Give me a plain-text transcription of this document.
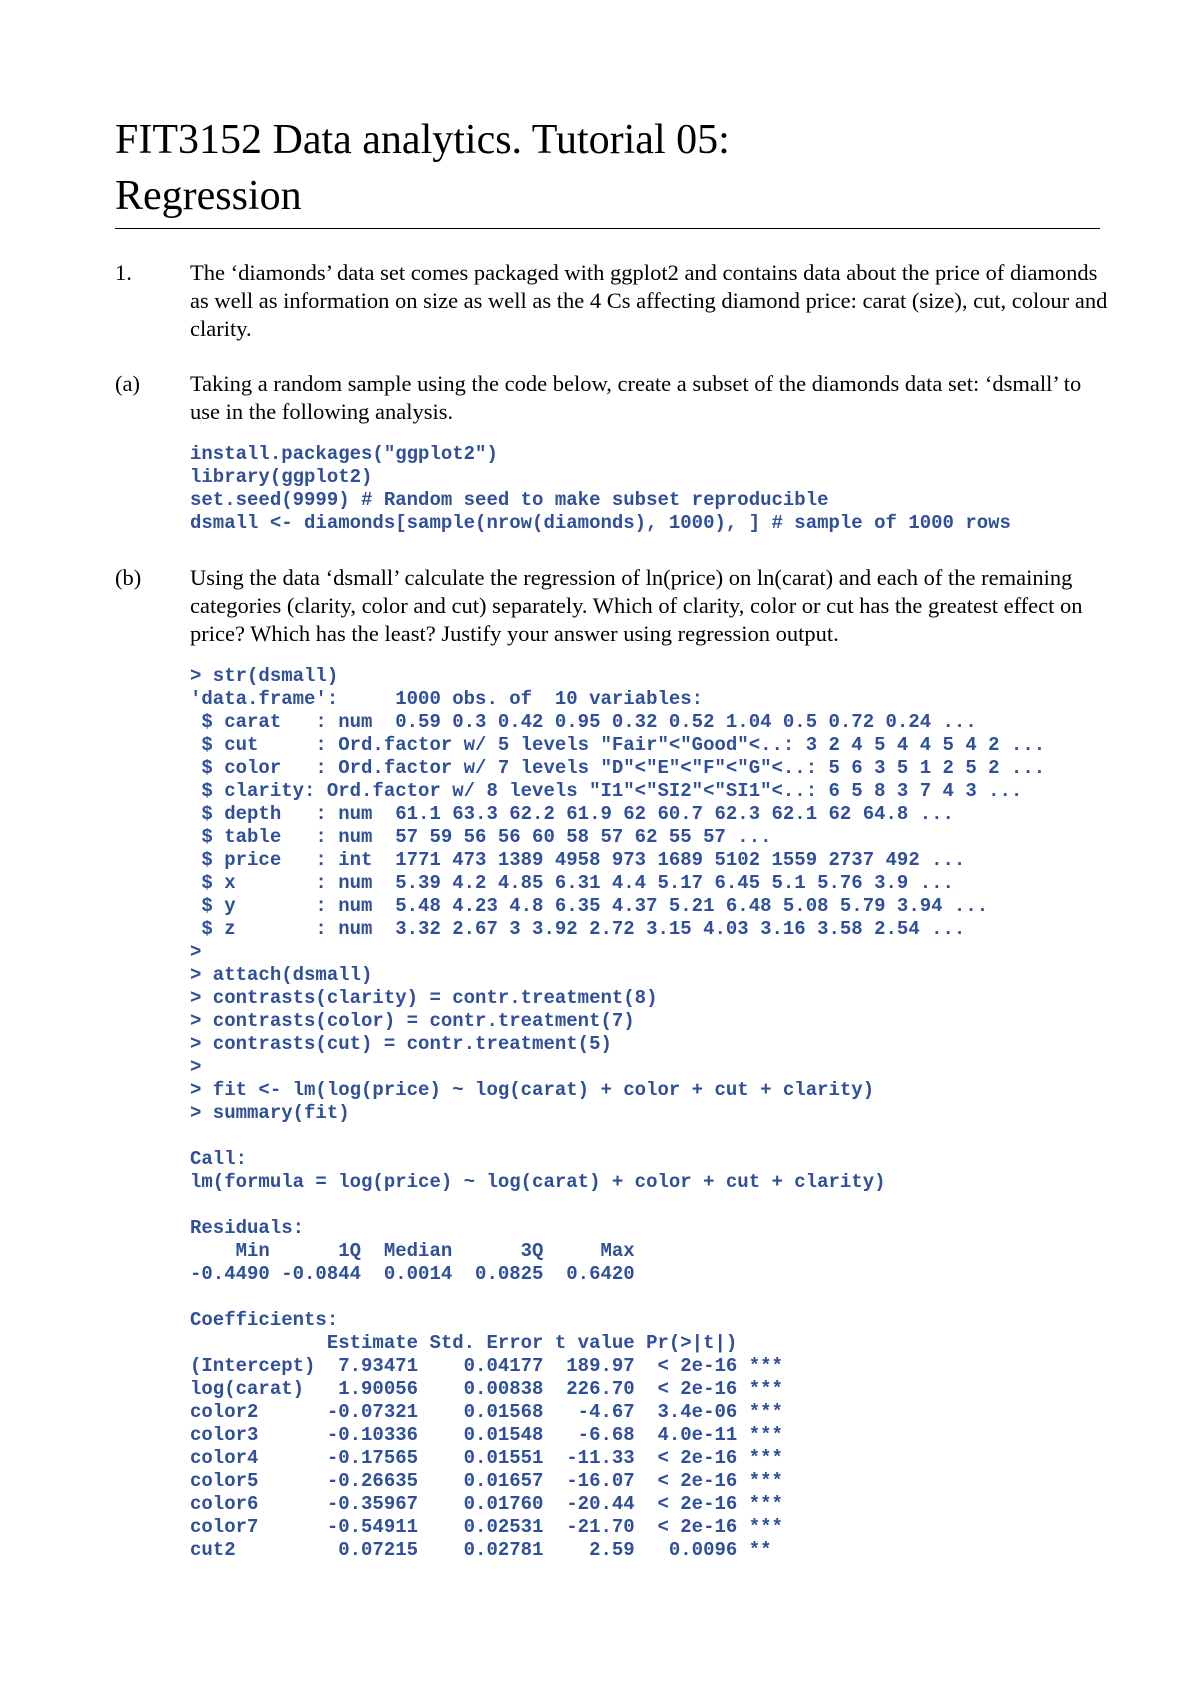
FIT3152 Data analytics. Tutorial 05:
Regression
1.	The ‘diamonds’ data set comes packaged with ggplot2 and contains data about the price of diamonds as well as information on size as well as the 4 Cs affecting diamond price: carat (size), cut, colour and clarity.
(a) Taking a random sample using the code below, create a subset of the diamonds data set: ‘dsmall’ to use in the following analysis.
install.packages("ggplot2")
library(ggplot2)
set.seed(9999) # Random seed to make subset reproducible
dsmall <- diamonds[sample(nrow(diamonds), 1000), ] # sample of 1000 rows
(b) Using the data ‘dsmall’ calculate the regression of ln(price) on ln(carat) and each of the remaining categories (clarity, color and cut) separately. Which of clarity, color or cut has the greatest effect on price? Which has the least? Justify your answer using regression output.
> str(dsmall)
'data.frame':     1000 obs. of  10 variables:
$ carat   : num  0.59 0.3 0.42 0.95 0.32 0.52 1.04 0.5 0.72 0.24 ...
$ cut     : Ord.factor w/ 5 levels "Fair"<"Good"<..: 3 2 4 5 4 4 5 4 2 ...
$ color   : Ord.factor w/ 7 levels "D"<"E"<"F"<"G"<..: 5 6 3 5 1 2 5 2 ...
$ clarity: Ord.factor w/ 8 levels "I1"<"SI2"<"SI1"<..: 6 5 8 3 7 4 3 ...
$ depth   : num  61.1 63.3 62.2 61.9 62 60.7 62.3 62.1 62 64.8 ...
$ table   : num  57 59 56 56 60 58 57 62 55 57 ...
$ price   : int  1771 473 1389 4958 973 1689 5102 1559 2737 492 ...
$ x       : num  5.39 4.2 4.85 6.31 4.4 5.17 6.45 5.1 5.76 3.9 ...
$ y       : num  5.48 4.23 4.8 6.35 4.37 5.21 6.48 5.08 5.79 3.94 ...
$ z       : num  3.32 2.67 3 3.92 2.72 3.15 4.03 3.16 3.58 2.54 ...
>
> attach(dsmall)
> contrasts(clarity) = contr.treatment(8)
> contrasts(color) = contr.treatment(7)
> contrasts(cut) = contr.treatment(5)
>
> fit <- lm(log(price) ~ log(carat) + color + cut + clarity)
> summary(fit)

Call:
lm(formula = log(price) ~ log(carat) + color + cut + clarity)

Residuals:
Min      1Q  Median      3Q     Max
-0.4490 -0.0844  0.0014  0.0825  0.6420

Coefficients:
Estimate Std. Error t value Pr(>|t|)
(Intercept)  7.93471    0.04177  189.97  < 2e-16 ***
log(carat)   1.90056    0.00838  226.70  < 2e-16 ***
color2      -0.07321    0.01568   -4.67  3.4e-06 ***
color3      -0.10336    0.01548   -6.68  4.0e-11 ***
color4      -0.17565    0.01551  -11.33  < 2e-16 ***
color5      -0.26635    0.01657  -16.07  < 2e-16 ***
color6      -0.35967    0.01760  -20.44  < 2e-16 ***
color7      -0.54911    0.02531  -21.70  < 2e-16 ***
cut2         0.07215    0.02781    2.59   0.0096 **
